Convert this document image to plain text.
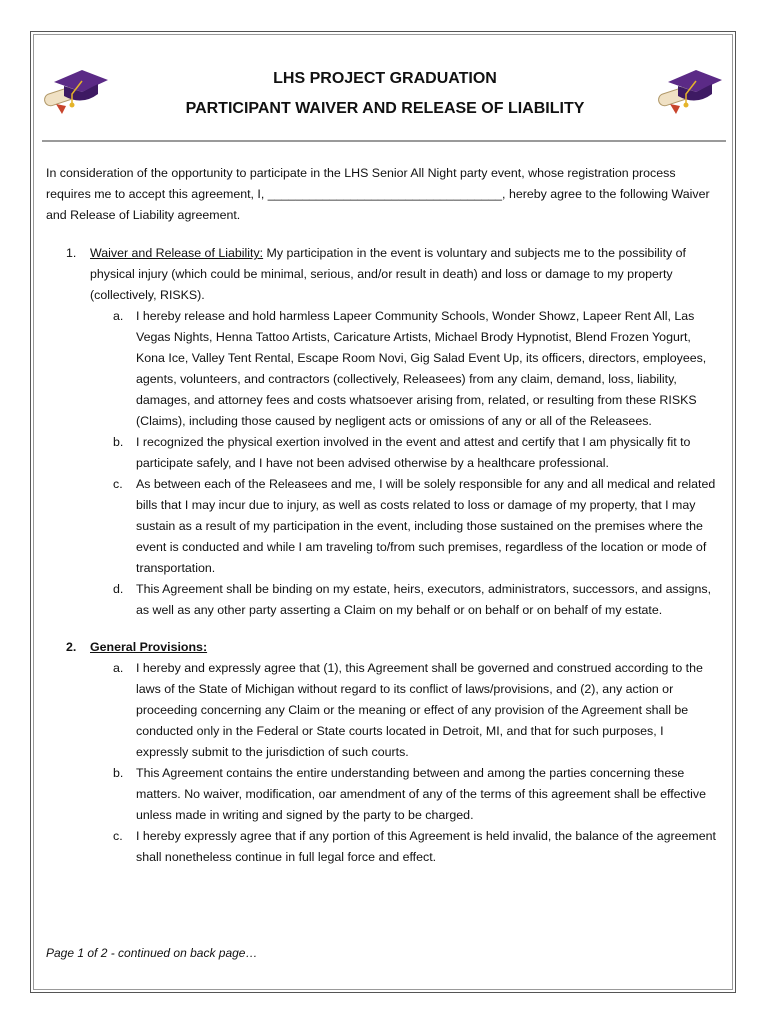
LHS PROJECT GRADUATION
PARTICIPANT WAIVER AND RELEASE OF LIABILITY

In consideration of the opportunity to participate in the LHS Senior All Night party event, whose registration process requires me to accept this agreement, I, __________________________________, hereby agree to the following Waiver and Release of Liability agreement.

1. Waiver and Release of Liability: My participation in the event is voluntary and subjects me to the possibility of physical injury (which could be minimal, serious, and/or result in death) and loss or damage to my property (collectively, RISKS).
a. I hereby release and hold harmless Lapeer Community Schools, Wonder Showz, Lapeer Rent All, Las Vegas Nights, Henna Tattoo Artists, Caricature Artists, Michael Brody Hypnotist, Blend Frozen Yogurt, Kona Ice, Valley Tent Rental, Escape Room Novi, Gig Salad Event Up, its officers, directors, employees, agents, volunteers, and contractors (collectively, Releasees) from any claim, demand, loss, liability, damages, and attorney fees and costs whatsoever arising from, related, or resulting from these RISKS (Claims), including those caused by negligent acts or omissions of any or all of the Releasees.
b. I recognized the physical exertion involved in the event and attest and certify that I am physically fit to participate safely, and I have not been advised otherwise by a healthcare professional.
c. As between each of the Releasees and me, I will be solely responsible for any and all medical and related bills that I may incur due to injury, as well as costs related to loss or damage of my property, that I may sustain as a result of my participation in the event, including those sustained on the premises where the event is conducted and while I am traveling to/from such premises, regardless of the location or mode of transportation.
d. This Agreement shall be binding on my estate, heirs, executors, administrators, successors, and assigns, as well as any other party asserting a Claim on my behalf or on behalf or on behalf of my estate.
2. General Provisions:
a. I hereby and expressly agree that (1), this Agreement shall be governed and construed according to the laws of the State of Michigan without regard to its conflict of laws/provisions, and (2), any action or proceeding concerning any Claim or the meaning or effect of any provision of the Agreement shall be conducted only in the Federal or State courts located in Detroit, MI, and that for such purposes, I expressly submit to the jurisdiction of such courts.
b. This Agreement contains the entire understanding between and among the parties concerning these matters. No waiver, modification, oar amendment of any of the terms of this agreement shall be effective unless made in writing and signed by the party to be charged.
c. I hereby expressly agree that if any portion of this Agreement is held invalid, the balance of the agreement shall nonetheless continue in full legal force and effect.
Page 1 of 2 - continued on back page…
